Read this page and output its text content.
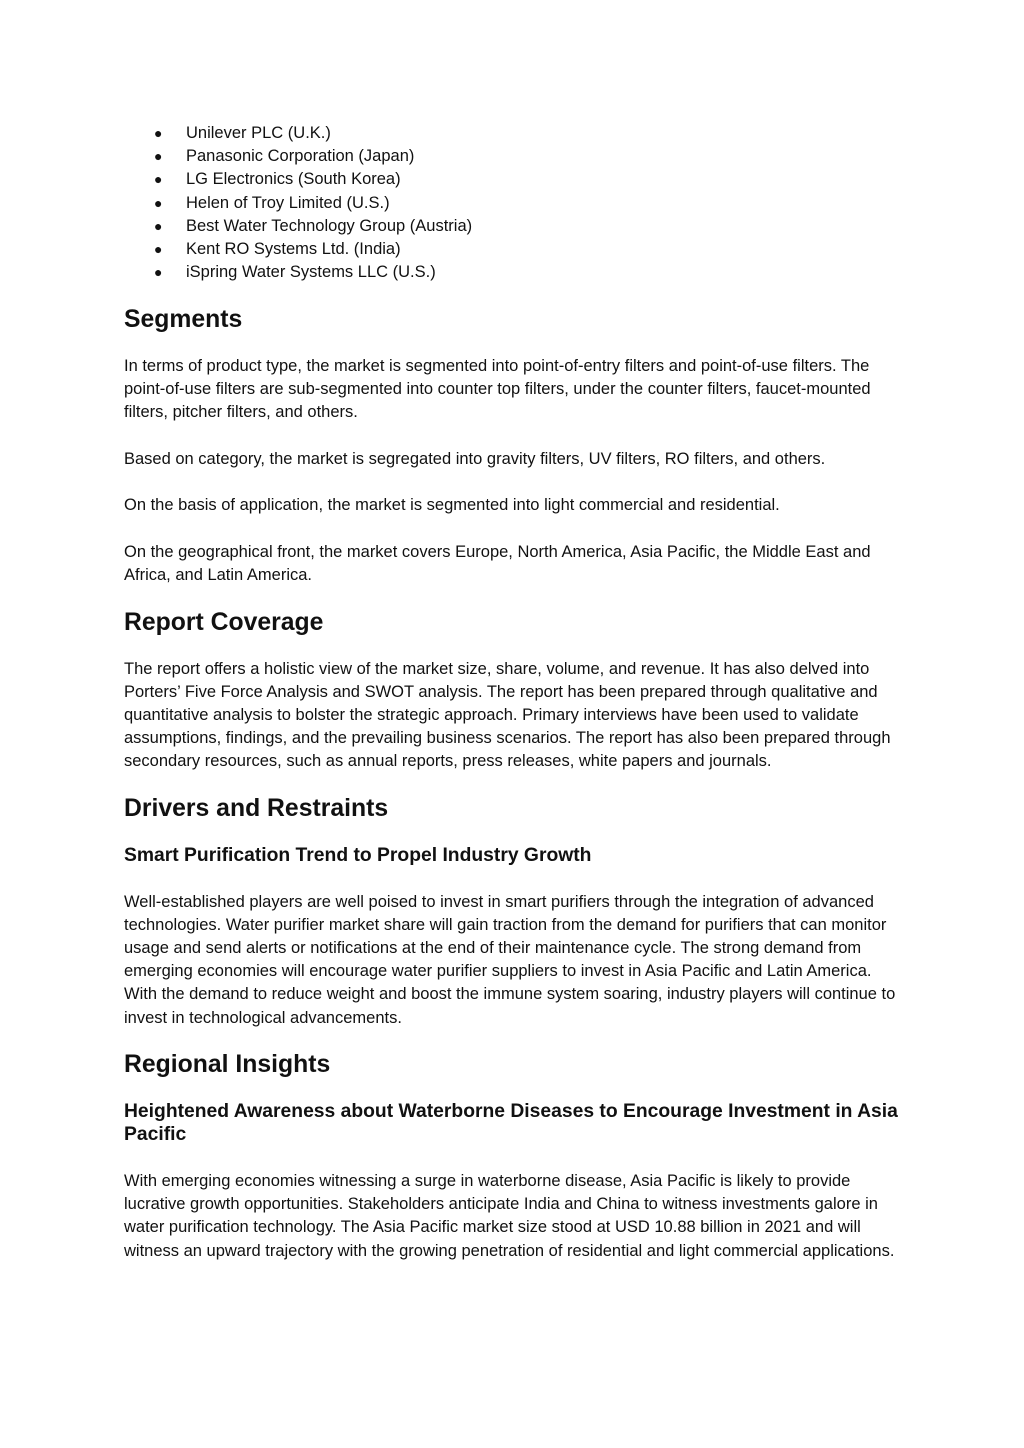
● Unilever PLC (U.K.)
● Panasonic Corporation (Japan)
● LG Electronics (South Korea)
● Helen of Troy Limited (U.S.)
● Best Water Technology Group (Austria)
● Kent RO Systems Ltd. (India)
● iSpring Water Systems LLC (U.S.)
Segments

In terms of product type, the market is segmented into point-of-entry filters and point-of-use filters. The point-of-use filters are sub-segmented into counter top filters, under the counter filters, faucet-mounted filters, pitcher filters, and others.

Based on category, the market is segregated into gravity filters, UV filters, RO filters, and others.

On the basis of application, the market is segmented into light commercial and residential.

On the geographical front, the market covers Europe, North America, Asia Pacific, the Middle East and Africa, and Latin America.

Report Coverage

The report offers a holistic view of the market size, share, volume, and revenue. It has also delved into Porters’ Five Force Analysis and SWOT analysis. The report has been prepared through qualitative and quantitative analysis to bolster the strategic approach. Primary interviews have been used to validate assumptions, findings, and the prevailing business scenarios. The report has also been prepared through secondary resources, such as annual reports, press releases, white papers and journals.

Drivers and Restraints
Smart Purification Trend to Propel Industry Growth

Well-established players are well poised to invest in smart purifiers through the integration of advanced technologies. Water purifier market share will gain traction from the demand for purifiers that can monitor usage and send alerts or notifications at the end of their maintenance cycle. The strong demand from emerging economies will encourage water purifier suppliers to invest in Asia Pacific and Latin America. With the demand to reduce weight and boost the immune system soaring, industry players will continue to invest in technological advancements.

Regional Insights
Heightened Awareness about Waterborne Diseases to Encourage Investment in Asia Pacific

With emerging economies witnessing a surge in waterborne disease, Asia Pacific is likely to provide lucrative growth opportunities. Stakeholders anticipate India and China to witness investments galore in water purification technology. The Asia Pacific market size stood at USD 10.88 billion in 2021 and will witness an upward trajectory with the growing penetration of residential and light commercial applications.
